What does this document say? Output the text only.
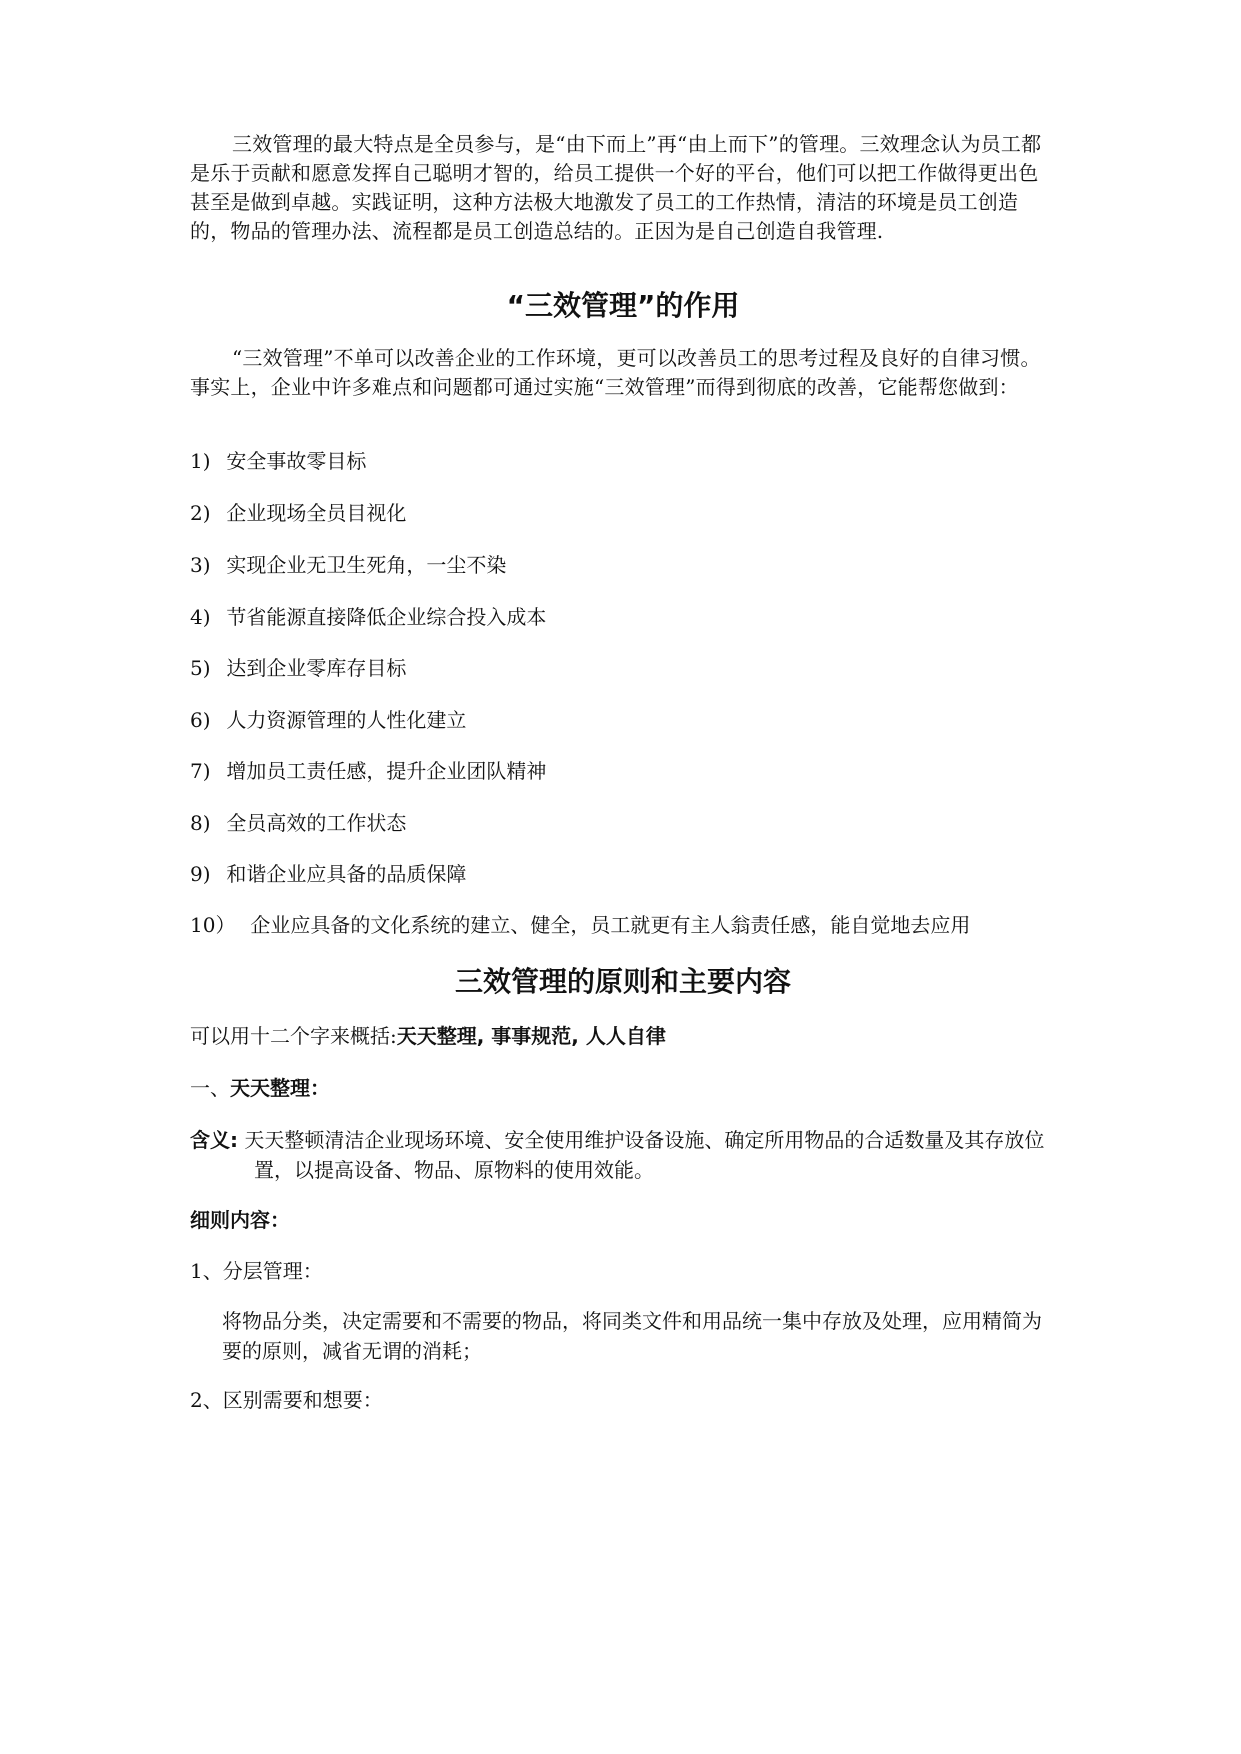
三效管理的最大特点是全员参与，是“由下而上”再“由上而下”的管理。三效理念认为员工都是乐于贡献和愿意发挥自己聪明才智的，给员工提供一个好的平台，他们可以把工作做得更出色甚至是做到卓越。实践证明，这种方法极大地激发了员工的工作热情，清洁的环境是员工创造的，物品的管理办法、流程都是员工创造总结的。正因为是自己创造自我管理.

“三效管理”的作用

“三效管理”不单可以改善企业的工作环境，更可以改善员工的思考过程及良好的自律习惯。事实上，企业中许多难点和问题都可通过实施“三效管理”而得到彻底的改善，它能帮您做到：

1) 安全事故零目标

2) 企业现场全员目视化

3) 实现企业无卫生死角，一尘不染

4) 节省能源直接降低企业综合投入成本

5) 达到企业零库存目标

6) 人力资源管理的人性化建立

7) 增加员工责任感，提升企业团队精神

8) 全员高效的工作状态

9) 和谐企业应具备的品质保障

10） 企业应具备的文化系统的建立、健全，员工就更有主人翁责任感，能自觉地去应用

三效管理的原则和主要内容

可以用十二个字来概括:天天整理, 事事规范, 人人自律

一、天天整理：

含义: 天天整顿清洁企业现场环境、安全使用维护设备设施、确定所用物品的合适数量及其存放位置，以提高设备、物品、原物料的使用效能。

细则内容：

1、分层管理：

将物品分类，决定需要和不需要的物品，将同类文件和用品统一集中存放及处理，应用精简为要的原则，减省无谓的消耗；

2、区别需要和想要：
